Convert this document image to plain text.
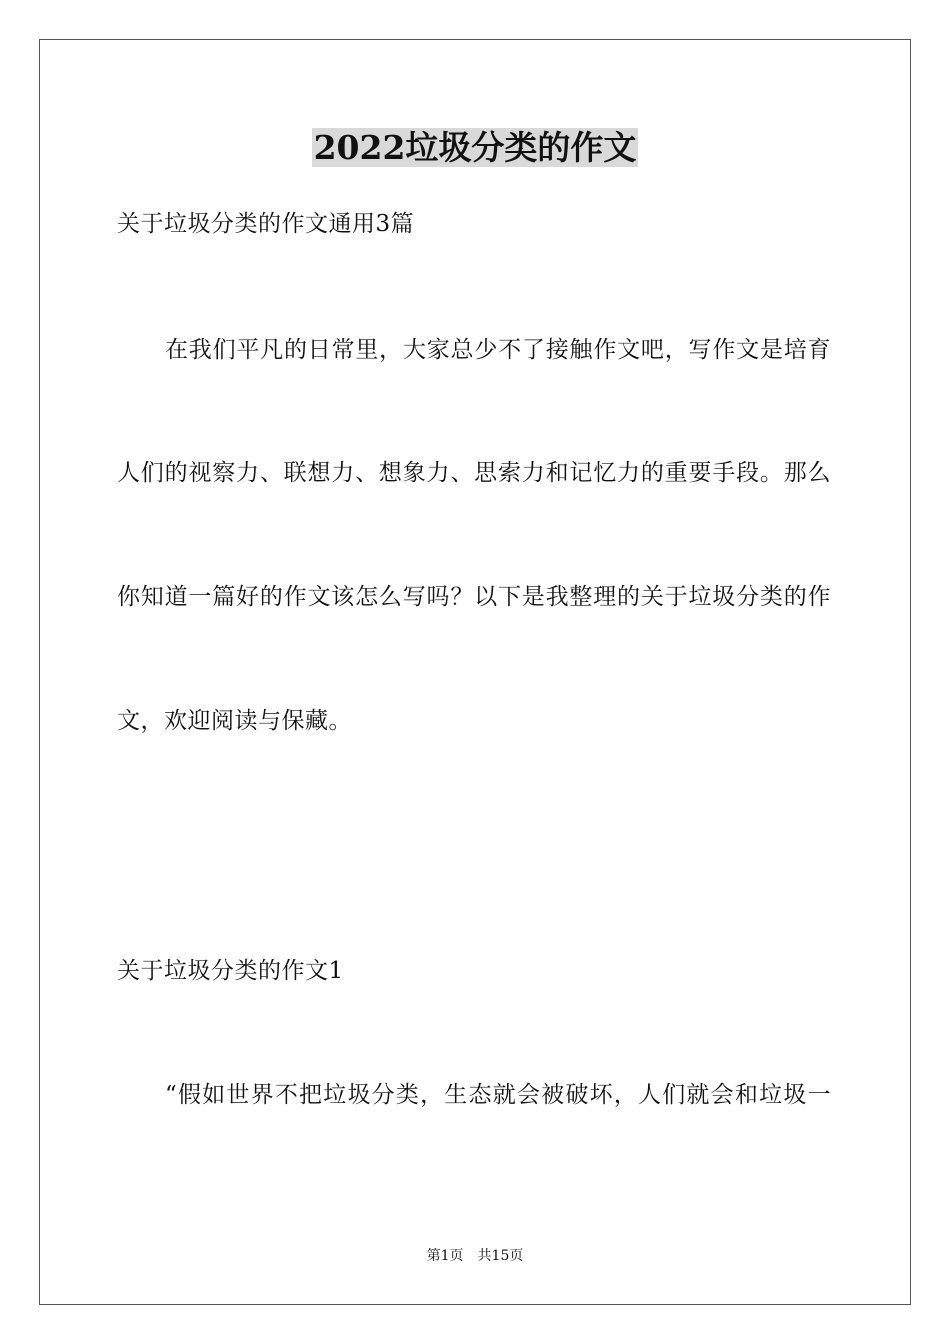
2022垃圾分类的作文
关于垃圾分类的作文通用3篇
在我们平凡的日常里，大家总少不了接触作文吧，写作文是培育
人们的视察力、联想力、想象力、思索力和记忆力的重要手段。那么
你知道一篇好的作文该怎么写吗？以下是我整理的关于垃圾分类的作
文，欢迎阅读与保藏。
关于垃圾分类的作文1
“假如世界不把垃圾分类，生态就会被破坏，人们就会和垃圾一
第1页 共15页
